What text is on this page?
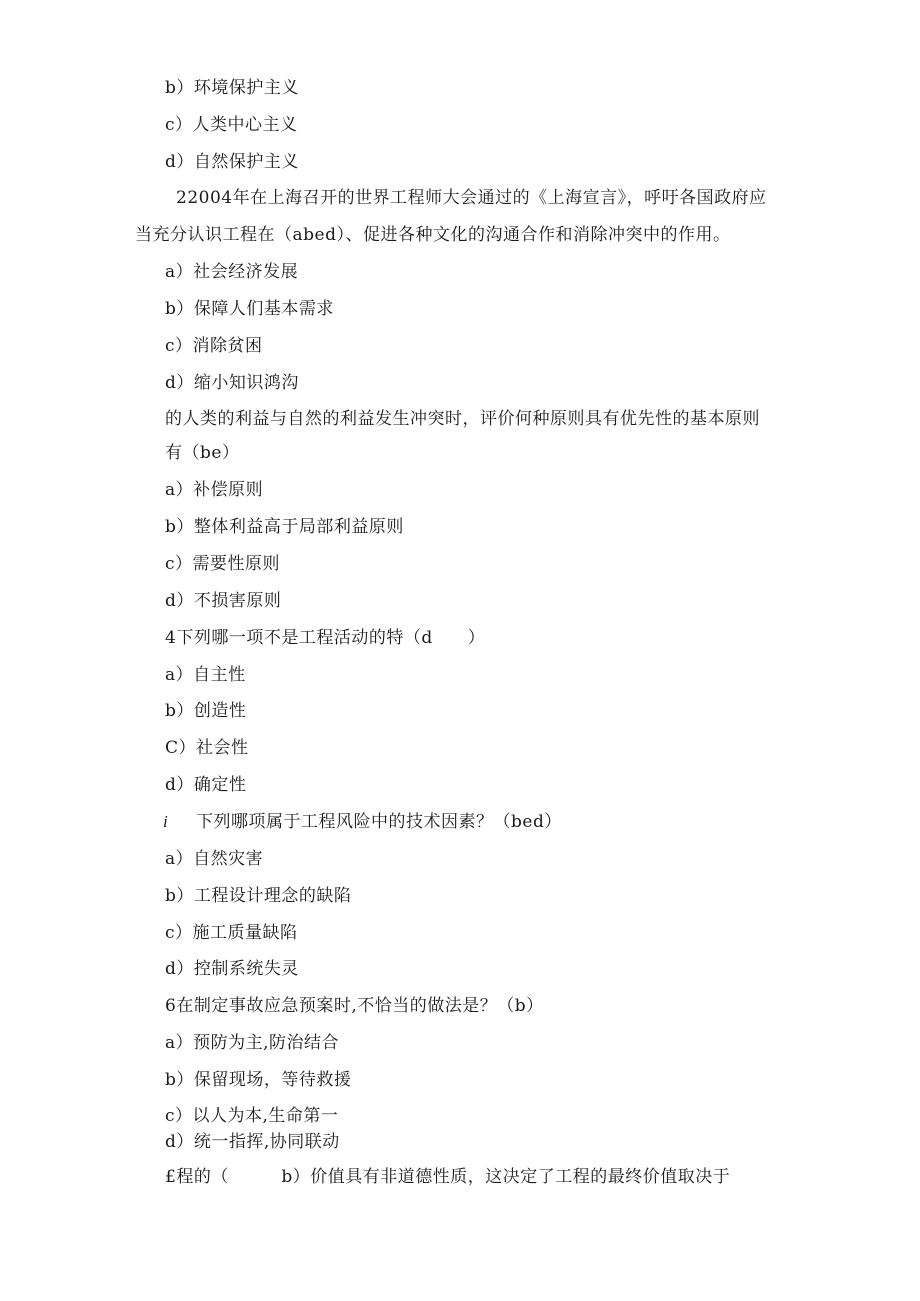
b）环境保护主义
c）人类中心主义
d）自然保护主义
22004年在上海召开的世界工程师大会通过的《上海宣言》，呼吁各国政府应
当充分认识工程在（abed）、促进各种文化的沟通合作和消除冲突中的作用。
a）社会经济发展
b）保障人们基本需求
c）消除贫困
d）缩小知识鸿沟
的人类的利益与自然的利益发生冲突时，评价何种原则具有优先性的基本原则
有（be）
a）补偿原则
b）整体利益高于局部利益原则
c）需要性原则
d）不损害原则
4下列哪一项不是工程活动的特（d　　）
a）自主性
b）创造性
C）社会性
d）确定性
i 下列哪项属于工程风险中的技术因素？（bed）
a）自然灾害
b）工程设计理念的缺陷
c）施工质量缺陷
d）控制系统失灵
6在制定事故应急预案时,不恰当的做法是？（b）
a）预防为主,防治结合
b）保留现场，等待救援
c）以人为本,生命第一
d）统一指挥,协同联动
£程的（　　　b）价值具有非道德性质，这决定了工程的最终价值取决于
